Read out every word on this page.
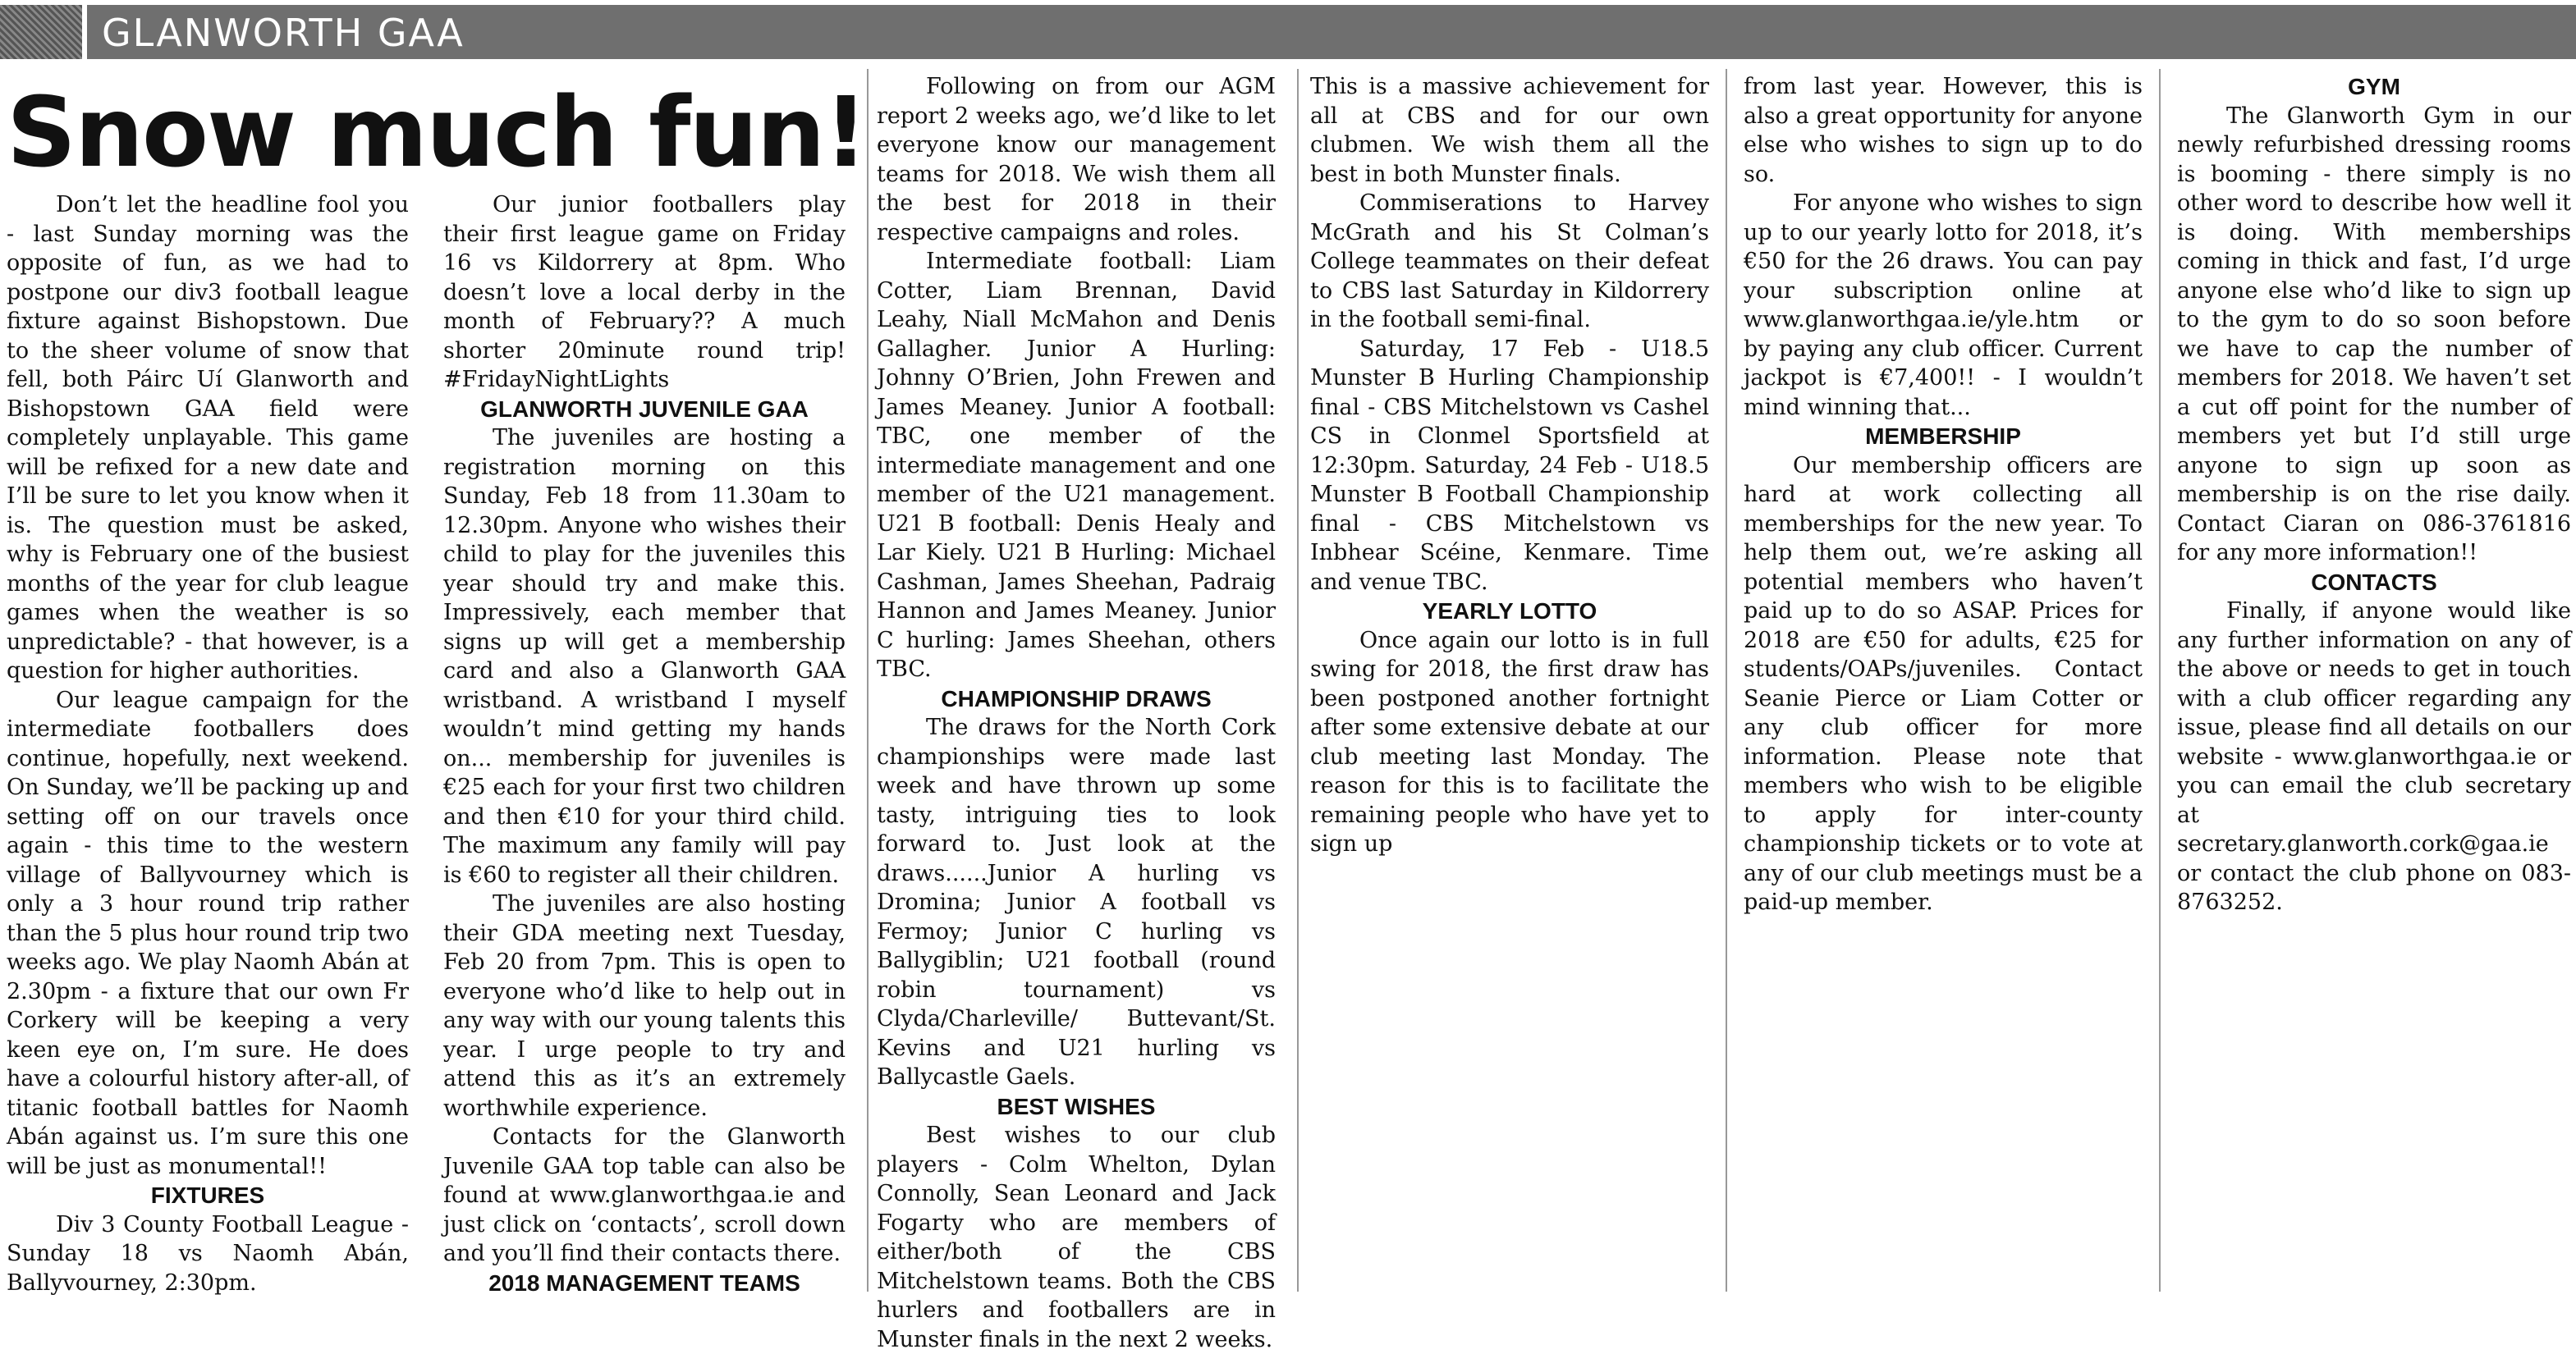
GLANWORTH GAA
Snow much fun!

Don’t let the headline fool you - last Sunday morning was the opposite of fun, as we had to postpone our div3 football league fixture against Bishopstown. Due to the sheer volume of snow that fell, both Páirc Uí Glanworth and Bishopstown GAA field were completely unplayable. This game will be refixed for a new date and I’ll be sure to let you know when it is. The question must be asked, why is February one of the busiest months of the year for club league games when the weather is so unpredictable? - that however, is a question for higher authorities.

Our league campaign for the intermediate footballers does continue, hopefully, next weekend. On Sunday, we’ll be packing up and setting off on our travels once again - this time to the western village of Ballyvourney which is only a 3 hour round trip rather than the 5 plus hour round trip two weeks ago. We play Naomh Abán at 2.30pm - a fixture that our own Fr Corkery will be keeping a very keen eye on, I’m sure. He does have a colourful history after-all, of titanic football battles for Naomh Abán against us. I’m sure this one will be just as monumental!!

FIXTURES

Div 3 County Football League - Sunday 18 vs Naomh Abán, Ballyvourney, 2:30pm.

Our junior footballers play their first league game on Friday 16 vs Kildorrery at 8pm. Who doesn’t love a local derby in the month of February?? A much shorter 20minute round trip! #FridayNightLights

GLANWORTH JUVENILE GAA

The juveniles are hosting a registration morning on this Sunday, Feb 18 from 11.30am to 12.30pm. Anyone who wishes their child to play for the juveniles this year should try and make this. Impressively, each member that signs up will get a membership card and also a Glanworth GAA wristband. A wristband I myself wouldn’t mind getting my hands on... membership for juveniles is €25 each for your first two children and then €10 for your third child. The maximum any family will pay is €60 to register all their children.

The juveniles are also hosting their GDA meeting next Tuesday, Feb 20 from 7pm. This is open to everyone who’d like to help out in any way with our young talents this year. I urge people to try and attend this as it’s an extremely worthwhile experience.

Contacts for the Glanworth Juvenile GAA top table can also be found at www.glanworthgaa.ie and just click on ‘contacts’, scroll down and you’ll find their contacts there.

2018 MANAGEMENT TEAMS

Following on from our AGM report 2 weeks ago, we’d like to let everyone know our management teams for 2018. We wish them all the best for 2018 in their respective campaigns and roles.

Intermediate football: Liam Cotter, Liam Brennan, David Leahy, Niall McMahon and Denis Gallagher. Junior A Hurling: Johnny O’Brien, John Frewen and James Meaney. Junior A football: TBC, one member of the intermediate management and one member of the U21 management. U21 B football: Denis Healy and Lar Kiely. U21 B Hurling: Michael Cashman, James Sheehan, Padraig Hannon and James Meaney. Junior C hurling: James Sheehan, others TBC.

CHAMPIONSHIP DRAWS

The draws for the North Cork championships were made last week and have thrown up some tasty, intriguing ties to look forward to. Just look at the draws......Junior A hurling vs Dromina; Junior A football vs Fermoy; Junior C hurling vs Ballygiblin; U21 football (round robin tournament) vs Clyda/Charleville/ Buttevant/St. Kevins and U21 hurling vs Ballycastle Gaels.

BEST WISHES

Best wishes to our club players - Colm Whelton, Dylan Connolly, Sean Leonard and Jack Fogarty who are members of either/both of the CBS Mitchelstown teams. Both the CBS hurlers and footballers are in Munster finals in the next 2 weeks.

This is a massive achievement for all at CBS and for our own clubmen. We wish them all the best in both Munster finals.

Commiserations to Harvey McGrath and his St Colman’s College teammates on their defeat to CBS last Saturday in Kildorrery in the football semi-final.

Saturday, 17 Feb - U18.5 Munster B Hurling Championship final - CBS Mitchelstown vs Cashel CS in Clonmel Sportsfield at 12:30pm. Saturday, 24 Feb - U18.5 Munster B Football Championship final - CBS Mitchelstown vs Inbhear Scéine, Kenmare. Time and venue TBC.

YEARLY LOTTO

Once again our lotto is in full swing for 2018, the first draw has been postponed another fortnight after some extensive debate at our club meeting last Monday. The reason for this is to facilitate the remaining people who have yet to sign up

from last year. However, this is also a great opportunity for anyone else who wishes to sign up to do so.

For anyone who wishes to sign up to our yearly lotto for 2018, it’s €50 for the 26 draws. You can pay your subscription online at www.glanworthgaa.ie/yle.htm or by paying any club officer. Current jackpot is €7,400!! - I wouldn’t mind winning that...

MEMBERSHIP

Our membership officers are hard at work collecting all memberships for the new year. To help them out, we’re asking all potential members who haven’t paid up to do so ASAP. Prices for 2018 are €50 for adults, €25 for students/OAPs/juveniles. Contact Seanie Pierce or Liam Cotter or any club officer for more information. Please note that members who wish to be eligible to apply for inter-county championship tickets or to vote at any of our club meetings must be a paid-up member.

GYM

The Glanworth Gym in our newly refurbished dressing rooms is booming - there simply is no other word to describe how well it is doing. With memberships coming in thick and fast, I’d urge anyone else who’d like to sign up to the gym to do so soon before we have to cap the number of members for 2018. We haven’t set a cut off point for the number of members yet but I’d still urge anyone to sign up soon as membership is on the rise daily. Contact Ciaran on 086-3761816 for any more information!!

CONTACTS

Finally, if anyone would like any further information on any of the above or needs to get in touch with a club officer regarding any issue, please find all details on our website - www.glanworthgaa.ie or you can email the club secretary at secretary.glanworth.cork@gaa.ie or contact the club phone on 083-8763252.
